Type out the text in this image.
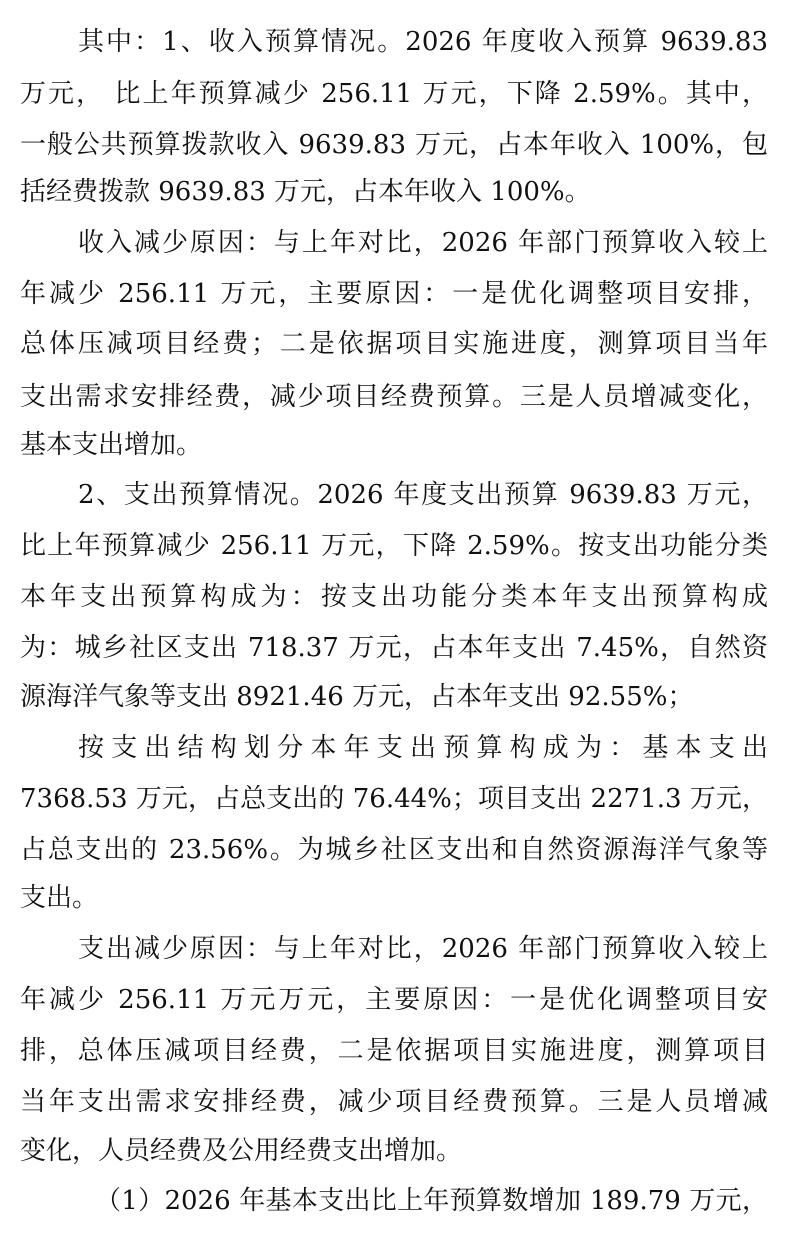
其中：1、收入预算情况。2026 年度收入预算 9639.83
万元， 比上年预算减少 256.11 万元，下降 2.59%。其中，
一般公共预算拨款收入 9639.83 万元，占本年收入 100%，包
括经费拨款 9639.83 万元，占本年收入 100%。
收入减少原因：与上年对比，2026 年部门预算收入较上
年减少 256.11 万元，主要原因：一是优化调整项目安排，
总体压减项目经费；二是依据项目实施进度，测算项目当年
支出需求安排经费，减少项目经费预算。三是人员增减变化，
基本支出增加。
2、支出预算情况。2026 年度支出预算 9639.83 万元，
比上年预算减少 256.11 万元，下降 2.59%。按支出功能分类
本年支出预算构成为：按支出功能分类本年支出预算构成
为：城乡社区支出 718.37 万元，占本年支出 7.45%，自然资
源海洋气象等支出 8921.46 万元，占本年支出 92.55%；
按支出结构划分本年支出预算构成为：基本支出
7368.53 万元，占总支出的 76.44%；项目支出 2271.3 万元，
占总支出的 23.56%。为城乡社区支出和自然资源海洋气象等
支出。
支出减少原因：与上年对比，2026 年部门预算收入较上
年减少 256.11 万元万元，主要原因：一是优化调整项目安
排，总体压减项目经费，二是依据项目实施进度，测算项目
当年支出需求安排经费，减少项目经费预算。三是人员增减
变化，人员经费及公用经费支出增加。
（1）2026 年基本支出比上年预算数增加 189.79 万元，
